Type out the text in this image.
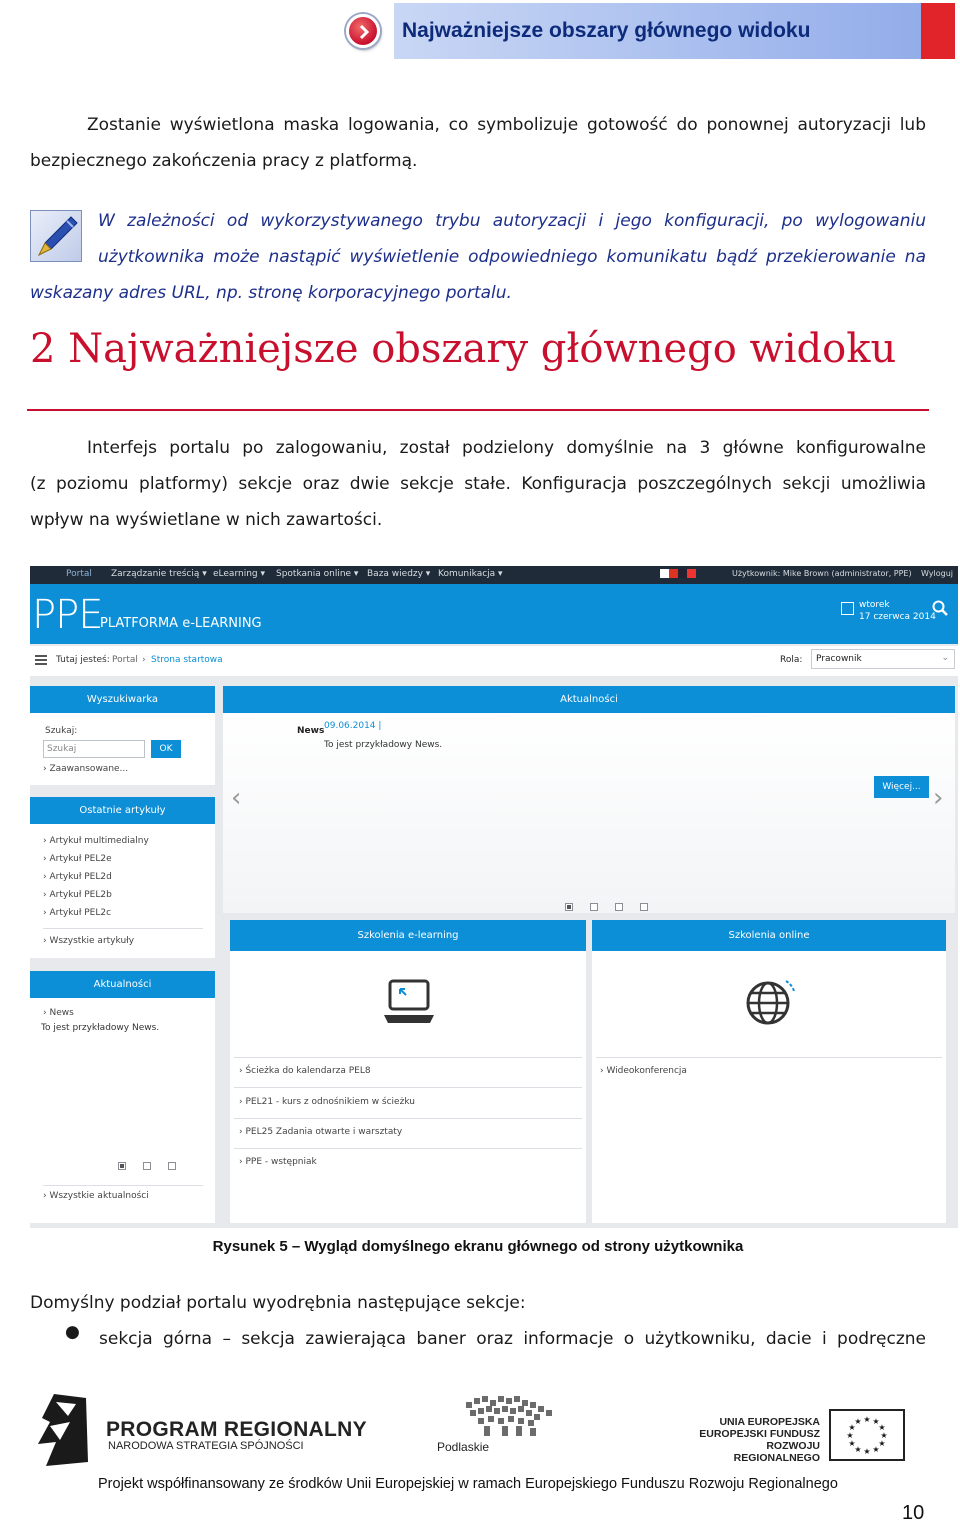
Najważniejsze obszary głównego widoku
Zostanie wyświetlona maska logowania, co symbolizuje gotowość do ponownej autoryzacji lub
bezpiecznego zakończenia pracy z platformą.
W zależności od wykorzystywanego trybu autoryzacji i jego konfiguracji, po wylogowaniu
użytkownika może nastąpić wyświetlenie odpowiedniego komunikatu bądź przekierowanie na
wskazany adres URL, np. stronę korporacyjnego portalu.
2 Najważniejsze obszary głównego widoku
Interfejs portalu po zalogowaniu, został podzielony domyślnie na 3 główne konfigurowalne
(z poziomu platformy) sekcje oraz dwie sekcje stałe. Konfiguracja poszczególnych sekcji umożliwia
wpływ na wyświetlane w nich zawartości.
Portal Zarządzanie treścią ▾ eLearning ▾ Spotkania online ▾ Baza wiedzy ▾ Komunikacja ▾	Użytkownik: Mike Brown (administrator, PPE) Wyloguj
PPE
PLATFORMA e-LEARNING
wtorek
17 czerwca 2014
Tutaj jesteś: Portal › Strona startowa	Rola:	Pracownik	⌄
Wyszukiwarka
Szukaj:
Szukaj	OK
› Zaawansowane...
Ostatnie artykuły
› Artykuł multimedialny
› Artykuł PEL2e
› Artykuł PEL2d
› Artykuł PEL2b
› Artykuł PEL2c
› Wszystkie artykuły
Aktualności
› News
To jest przykładowy News.
› Wszystkie aktualności
Aktualności
News 09.06.2014 |
To jest przykładowy News.
‹	›
Więcej...
Szkolenia e-learning
› Ścieżka do kalendarza PEL8
› PEL21 - kurs z odnośnikiem w ścieżku
› PEL25 Zadania otwarte i warsztaty
› PPE - wstępniak
Szkolenia online
› Wideokonferencja
Rysunek 5 – Wygląd domyślnego ekranu głównego od strony użytkownika
Domyślny podział portalu wyodrębnia następujące sekcje:
● sekcja górna – sekcja zawierająca baner oraz informacje o użytkowniku, dacie i podręczne
PROGRAM REGIONALNY
NARODOWA STRATEGIA SPÓJNOŚCI	Podlaskie
UNIA EUROPEJSKA
EUROPEJSKI FUNDUSZ
ROZWOJU REGIONALNEGO
★ ★
★
★
★
★
★
★
★
★
★
★
Projekt współfinansowany ze środków Unii Europejskiej w ramach Europejskiego Funduszu Rozwoju Regionalnego
10
